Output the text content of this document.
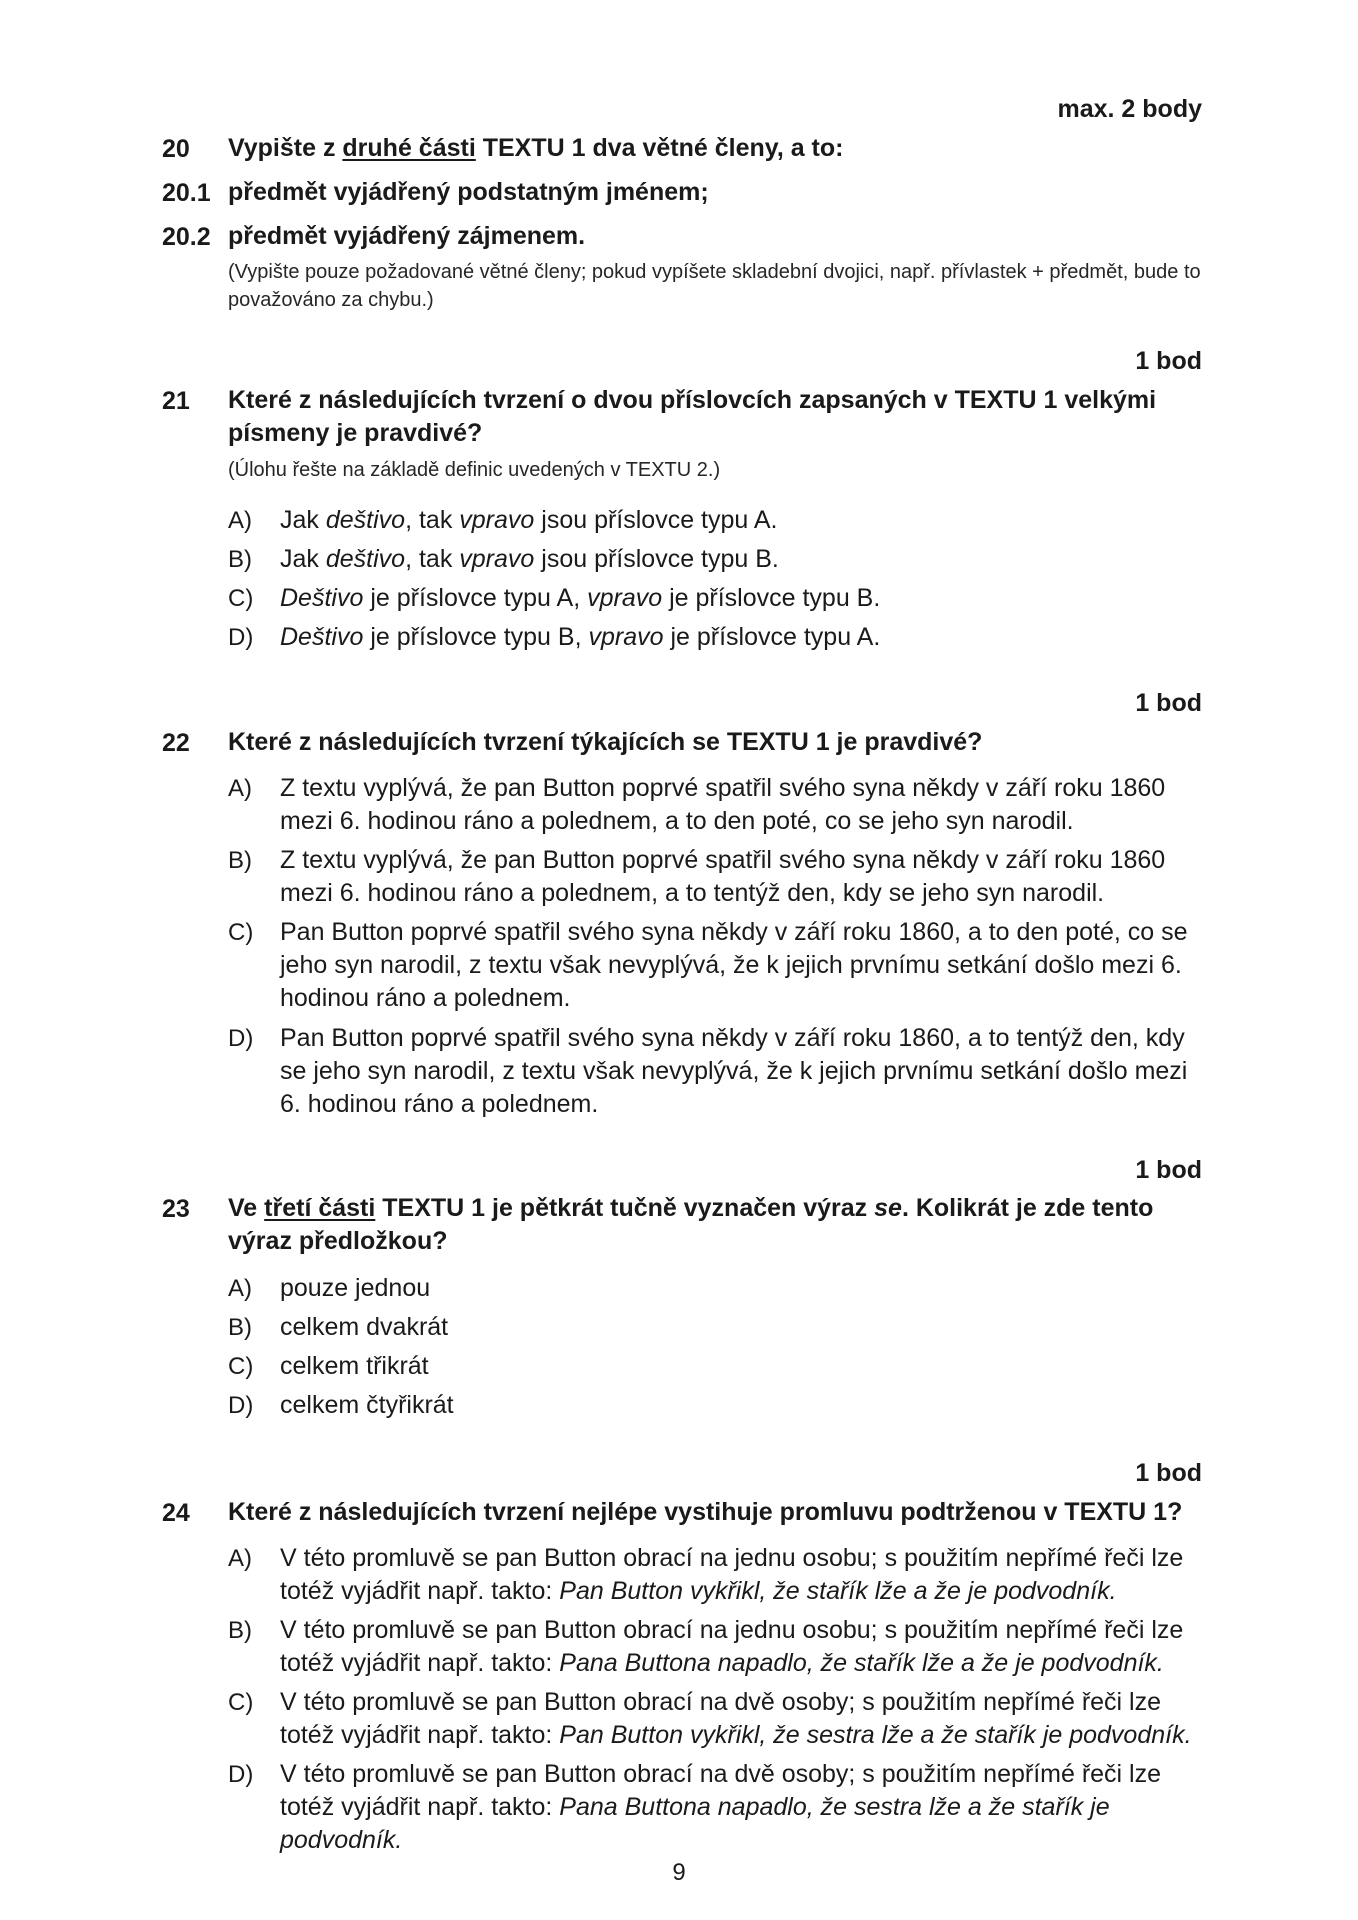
max. 2 body
20	Vypište z druhé části TEXTU 1 dva větné členy, a to:
20.1 předmět vyjádřený podstatným jménem;
20.2 předmět vyjádřený zájmenem.
(Vypište pouze požadované větné členy; pokud vypíšete skladební dvojici, např. přívlastek + předmět, bude to považováno za chybu.)
1 bod
21	Které z následujících tvrzení o dvou příslovcích zapsaných v TEXTU 1 velkými písmeny je pravdivé?
(Úlohu řešte na základě definic uvedených v TEXTU 2.)
A)	Jak deštivo, tak vpravo jsou příslovce typu A.
B)	Jak deštivo, tak vpravo jsou příslovce typu B.
C)	Deštivo je příslovce typu A, vpravo je příslovce typu B.
D)	Deštivo je příslovce typu B, vpravo je příslovce typu A.
1 bod
22	Které z následujících tvrzení týkajících se TEXTU 1 je pravdivé?
A)	Z textu vyplývá, že pan Button poprvé spatřil svého syna někdy v září roku 1860 mezi 6. hodinou ráno a polednem, a to den poté, co se jeho syn narodil.
B)	Z textu vyplývá, že pan Button poprvé spatřil svého syna někdy v září roku 1860 mezi 6. hodinou ráno a polednem, a to tentýž den, kdy se jeho syn narodil.
C)	Pan Button poprvé spatřil svého syna někdy v září roku 1860, a to den poté, co se jeho syn narodil, z textu však nevyplývá, že k jejich prvnímu setkání došlo mezi 6. hodinou ráno a polednem.
D)	Pan Button poprvé spatřil svého syna někdy v září roku 1860, a to tentýž den, kdy se jeho syn narodil, z textu však nevyplývá, že k jejich prvnímu setkání došlo mezi 6. hodinou ráno a polednem.
1 bod
23	Ve třetí části TEXTU 1 je pětkrát tučně vyznačen výraz se. Kolikrát je zde tento výraz předložkou?
A)	pouze jednou
B)	celkem dvakrát
C)	celkem třikrát
D)	celkem čtyřikrát
1 bod
24	Které z následujících tvrzení nejlépe vystihuje promluvu podtrženou v TEXTU 1?
A)	V této promluvě se pan Button obrací na jednu osobu; s použitím nepřímé řeči lze totéž vyjádřit např. takto: Pan Button vykřikl, že stařík lže a že je podvodník.
B)	V této promluvě se pan Button obrací na jednu osobu; s použitím nepřímé řeči lze totéž vyjádřit např. takto: Pana Buttona napadlo, že stařík lže a že je podvodník.
C)	V této promluvě se pan Button obrací na dvě osoby; s použitím nepřímé řeči lze totéž vyjádřit např. takto: Pan Button vykřikl, že sestra lže a že stařík je podvodník.
D)	V této promluvě se pan Button obrací na dvě osoby; s použitím nepřímé řeči lze totéž vyjádřit např. takto: Pana Buttona napadlo, že sestra lže a že stařík je podvodník.
9
